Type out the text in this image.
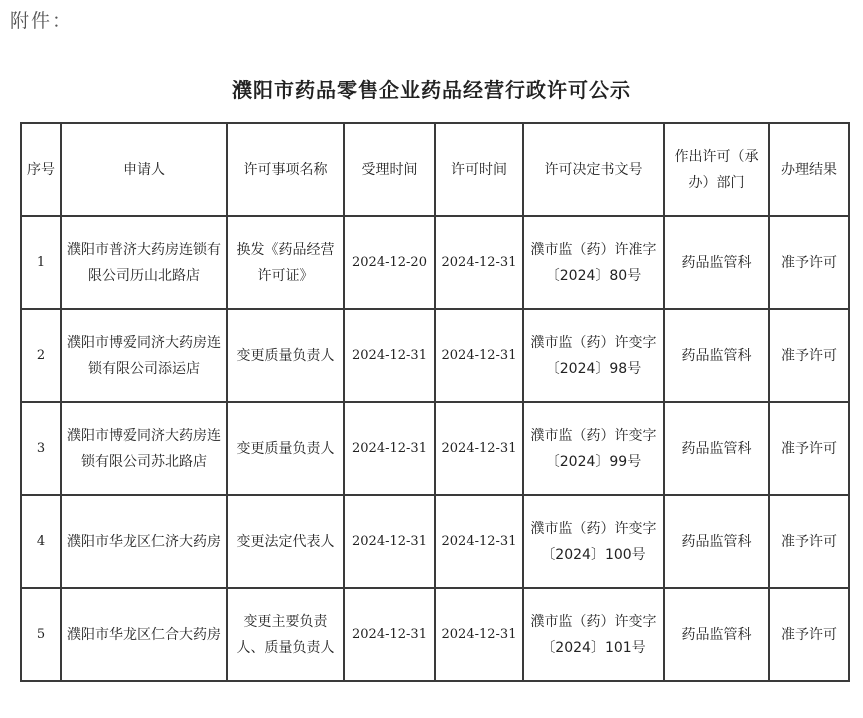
附件：
濮阳市药品零售企业药品经营行政许可公示
序号	申请人	许可事项名称	受理时间	许可时间	许可决定书文号	作出许可（承办）部门	办理结果
1	濮阳市普济大药房连锁有限公司历山北路店	换发《药品经营许可证》	2024-12-20	2024-12-31	濮市监（药）许准字〔2024〕80号	药品监管科	准予许可
2	濮阳市博爱同济大药房连锁有限公司添运店	变更质量负责人	2024-12-31	2024-12-31	濮市监（药）许变字〔2024〕98号	药品监管科	准予许可
3	濮阳市博爱同济大药房连锁有限公司苏北路店	变更质量负责人	2024-12-31	2024-12-31	濮市监（药）许变字〔2024〕99号	药品监管科	准予许可
4	濮阳市华龙区仁济大药房	变更法定代表人	2024-12-31	2024-12-31	濮市监（药）许变字〔2024〕100号	药品监管科	准予许可
5	濮阳市华龙区仁合大药房	变更主要负责人、质量负责人	2024-12-31	2024-12-31	濮市监（药）许变字〔2024〕101号	药品监管科	准予许可
